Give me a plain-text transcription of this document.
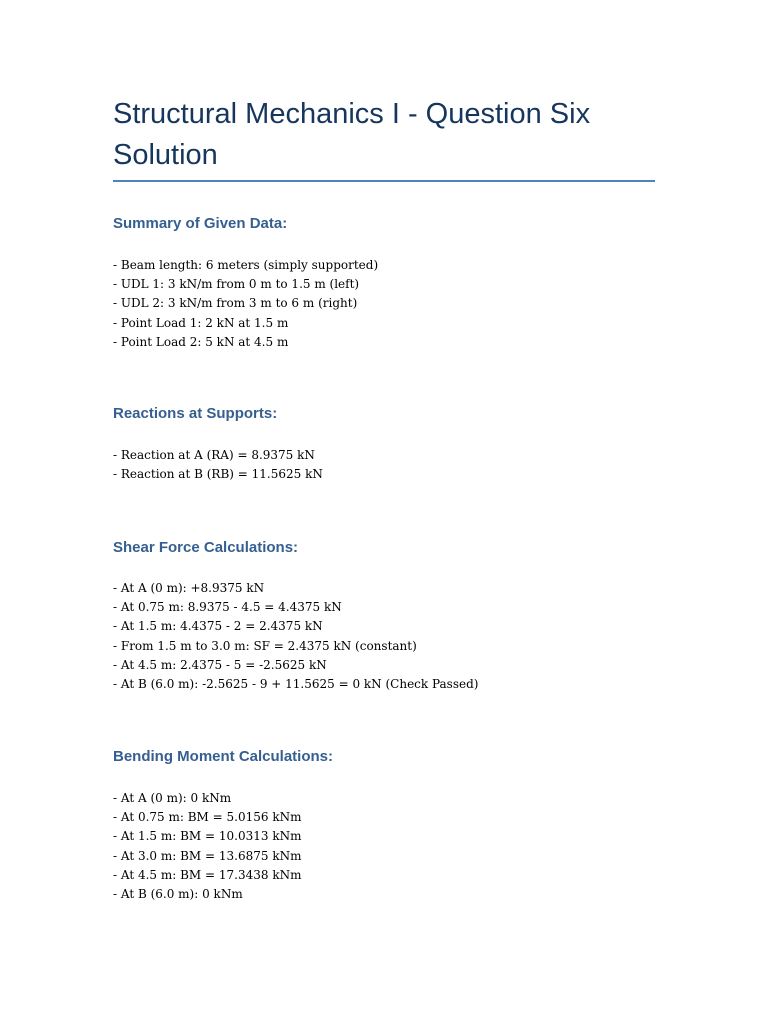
Structural Mechanics I - Question Six Solution
Summary of Given Data:
- Beam length: 6 meters (simply supported)
- UDL 1: 3 kN/m from 0 m to 1.5 m (left)
- UDL 2: 3 kN/m from 3 m to 6 m (right)
- Point Load 1: 2 kN at 1.5 m
- Point Load 2: 5 kN at 4.5 m
Reactions at Supports:
- Reaction at A (RA) = 8.9375 kN
- Reaction at B (RB) = 11.5625 kN
Shear Force Calculations:
- At A (0 m): +8.9375 kN
- At 0.75 m: 8.9375 - 4.5 = 4.4375 kN
- At 1.5 m: 4.4375 - 2 = 2.4375 kN
- From 1.5 m to 3.0 m: SF = 2.4375 kN (constant)
- At 4.5 m: 2.4375 - 5 = -2.5625 kN
- At B (6.0 m): -2.5625 - 9 + 11.5625 = 0 kN (Check Passed)
Bending Moment Calculations:
- At A (0 m): 0 kNm
- At 0.75 m: BM = 5.0156 kNm
- At 1.5 m: BM = 10.0313 kNm
- At 3.0 m: BM = 13.6875 kNm
- At 4.5 m: BM = 17.3438 kNm
- At B (6.0 m): 0 kNm
